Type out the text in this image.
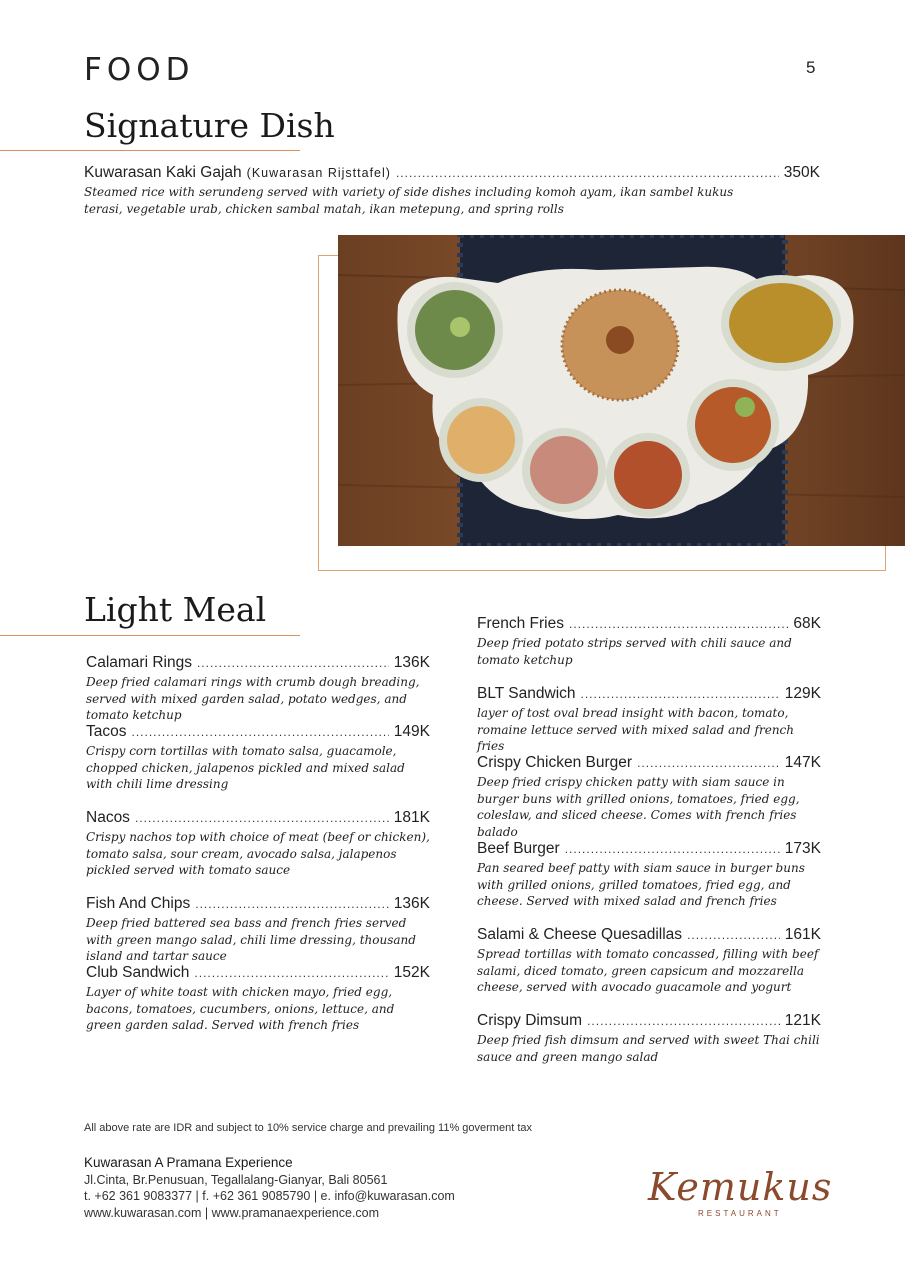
FOOD	5
Signature Dish
Kuwarasan Kaki Gajah (Kuwarasan Rijsttafel) .....	350K
Steamed rice with serundeng served with variety of side dishes including komoh ayam, ikan sambel kukus terasi, vegetable urab, chicken sambal matah, ikan metepung, and spring rolls
Light Meal
Calamari Rings .....	136K
Deep fried calamari rings with crumb dough breading, served with mixed garden salad, potato wedges, and tomato ketchup
Tacos .....	149K
Crispy corn tortillas with tomato salsa, guacamole, chopped chicken, jalapenos pickled and mixed salad with chili lime dressing
Nacos .....	181K
Crispy nachos top with choice of meat (beef or chicken), tomato salsa, sour cream, avocado salsa, jalapenos pickled served with tomato sauce
Fish And Chips .....	136K
Deep fried battered sea bass and french fries served with green mango salad, chili lime dressing, thousand island and tartar sauce
Club Sandwich .....	152K
Layer of white toast with chicken mayo, fried egg, bacons, tomatoes, cucumbers, onions, lettuce, and green garden salad. Served with french fries
French Fries .....	68K
Deep fried potato strips served with chili sauce and tomato ketchup
BLT Sandwich .....	129K
layer of tost oval bread insight with bacon, tomato, romaine lettuce served with mixed salad and french fries
Crispy Chicken Burger .....	147K
Deep fried crispy chicken patty with siam sauce in burger buns with grilled onions, tomatoes, fried egg, coleslaw, and sliced cheese. Comes with french fries balado
Beef Burger .....	173K
Pan seared beef patty with siam sauce in burger buns with grilled onions, grilled tomatoes, fried egg, and cheese. Served with mixed salad and french fries
Salami & Cheese Quesadillas .....	161K
Spread tortillas with tomato concassed, filling with beef salami, diced tomato, green capsicum and mozzarella cheese, served with avocado guacamole and yogurt
Crispy Dimsum .....	121K
Deep fried fish dimsum and served with sweet Thai chili sauce and green mango salad
All above rate are IDR and subject to 10% service charge and prevailing 11% goverment tax
Kuwarasan A Pramana Experience
Jl.Cinta, Br.Penusuan, Tegallalang-Gianyar, Bali 80561
t. +62 361 9083377 | f. +62 361 9085790 | e. info@kuwarasan.com
www.kuwarasan.com | www.pramanaexperience.com
Kemukus
RESTAURANT
